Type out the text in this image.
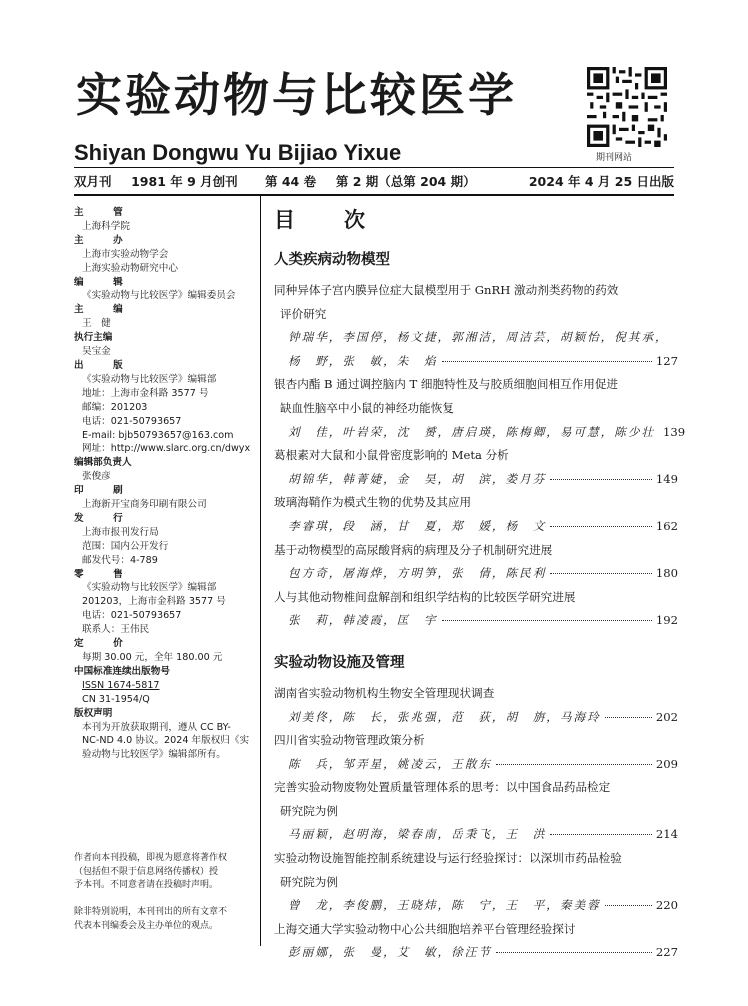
实验动物与比较医学
Shiyan Dongwu Yu Bijiao Yixue	期刊网站
双月刊	1981 年 9 月创刊	第 44 卷	第 2 期（总第 204 期）	2024 年 4 月 25 日出版
主　管
上海科学院
主　办
上海市实验动物学会
上海实验动物研究中心
编　辑
《实验动物与比较医学》编辑委员会
主　编
王　健
执行主编
吴宝金
出　版
《实验动物与比较医学》编辑部
地址：上海市金科路 3577 号
邮编：201203
电话：021-50793657
E-mail: bjb50793657@163.com
网址：http://www.slarc.org.cn/dwyx
编辑部负责人
张俊彦
印　刷
上海新开宝商务印刷有限公司
发　行
上海市报刊发行局
范围：国内公开发行
邮发代号：4-789
零　售
《实验动物与比较医学》编辑部
201203，上海市金科路 3577 号
电话：021-50793657
联系人：王伟民
定　价
每期 30.00 元，全年 180.00 元
中国标准连续出版物号
ISSN 1674-5817
CN 31-1954/Q
版权声明
本刊为开放获取期刊，遵从 CC BY-
NC-ND 4.0 协议。2024 年版权归《实
验动物与比较医学》编辑部所有。
作者向本刊投稿，即视为愿意将著作权
（包括但不限于信息网络传播权）授
予本刊。不同意者请在投稿时声明。
除非特别说明，本刊刊出的所有文章不
代表本刊编委会及主办单位的观点。
目　次
人类疾病动物模型
同种异体子宫内膜异位症大鼠模型用于 GnRH 激动剂类药物的药效
评价研究
钟瑞华，李国停，杨文捷，郭湘洁，周洁芸，胡颖怡，倪其承，
杨　野，张　敏，朱　焰	127
银杏内酯 B 通过调控脑内 T 细胞特性及与胶质细胞间相互作用促进
缺血性脑卒中小鼠的神经功能恢复
刘　佳，叶岩荣，沈　赟，唐启瑛，陈梅卿，易可慧，陈少壮 139
葛根素对大鼠和小鼠骨密度影响的 Meta 分析
胡锦华，韩菁婕，金　昊，胡　滨，娄月芬	149
玻璃海鞘作为模式生物的优势及其应用
李睿琪，段　涵，甘　夏，郑　媛，杨　文	162
基于动物模型的高尿酸肾病的病理及分子机制研究进展
包方奇，屠海烨，方明笋，张　倩，陈民利	180
人与其他动物椎间盘解剖和组织学结构的比较医学研究进展
张　莉，韩凌霞，匡　宇	192
实验动物设施及管理
湖南省实验动物机构生物安全管理现状调查
刘美佟，陈　长，张兆强，范　荻，胡　旃，马海玲	202
四川省实验动物管理政策分析
陈　兵，邹弄星，姚凌云，王散东	209
完善实验动物废物处置质量管理体系的思考：以中国食品药品检定
研究院为例
马丽颖，赵明海，梁春南，岳秉飞，王　洪	214
实验动物设施智能控制系统建设与运行经验探讨：以深圳市药品检验
研究院为例
曾　龙，李俊鹏，王晓炜，陈　宁，王　平，秦美蓉	220
上海交通大学实验动物中心公共细胞培养平台管理经验探讨
彭丽娜，张　曼，艾　敏，徐汪节	227
